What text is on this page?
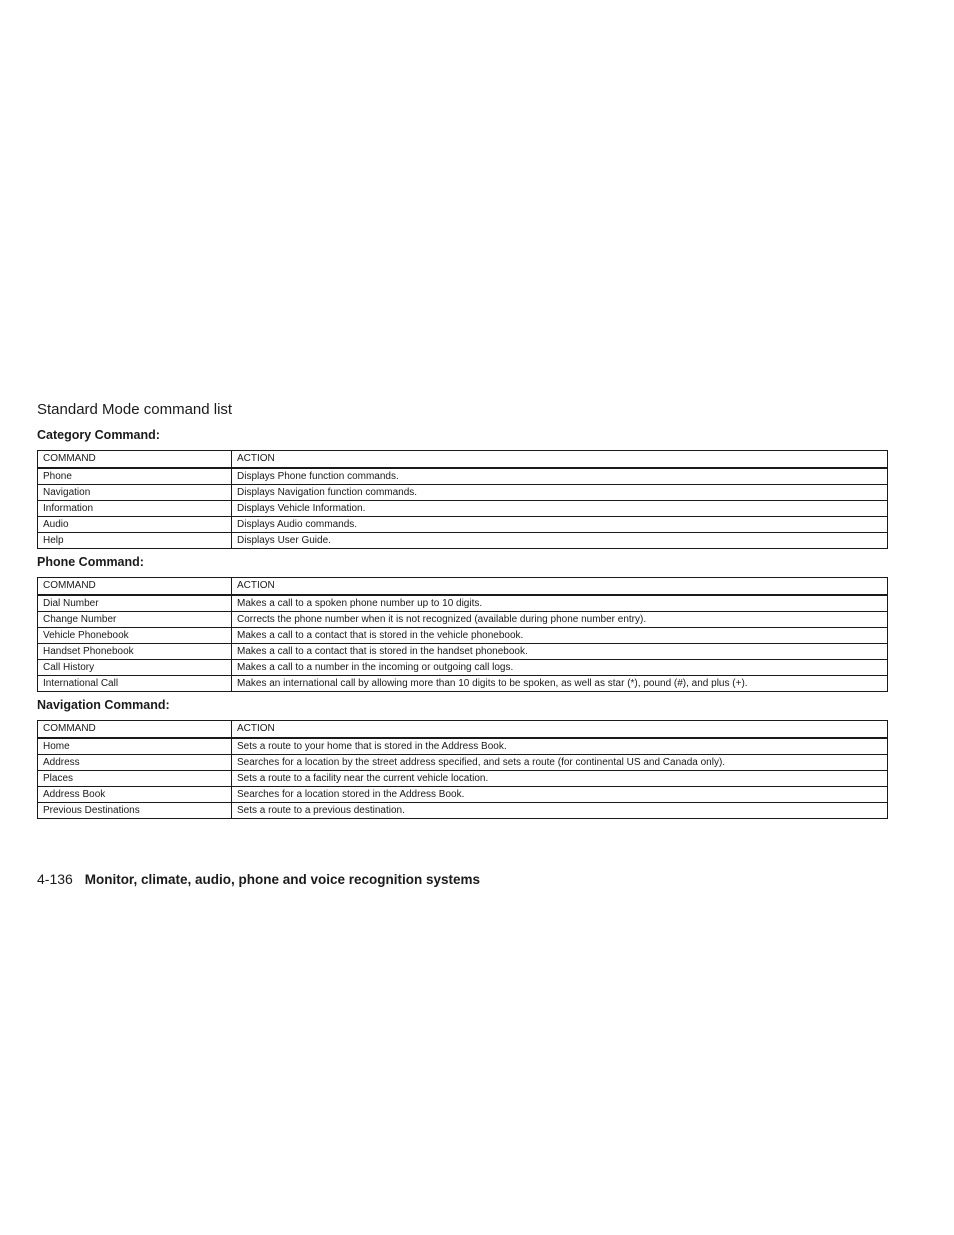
Standard Mode command list
Category Command:
COMMAND	ACTION
Phone	Displays Phone function commands.
Navigation	Displays Navigation function commands.
Information	Displays Vehicle Information.
Audio	Displays Audio commands.
Help	Displays User Guide.
Phone Command:
COMMAND	ACTION
Dial Number	Makes a call to a spoken phone number up to 10 digits.
Change Number	Corrects the phone number when it is not recognized (available during phone number entry).
Vehicle Phonebook	Makes a call to a contact that is stored in the vehicle phonebook.
Handset Phonebook	Makes a call to a contact that is stored in the handset phonebook.
Call History	Makes a call to a number in the incoming or outgoing call logs.
International Call	Makes an international call by allowing more than 10 digits to be spoken, as well as star (*), pound (#), and plus (+).
Navigation Command:
COMMAND	ACTION
Home	Sets a route to your home that is stored in the Address Book.
Address	Searches for a location by the street address specified, and sets a route (for continental US and Canada only).
Places	Sets a route to a facility near the current vehicle location.
Address Book	Searches for a location stored in the Address Book.
Previous Destinations	Sets a route to a previous destination.
4-136 Monitor, climate, audio, phone and voice recognition systems
